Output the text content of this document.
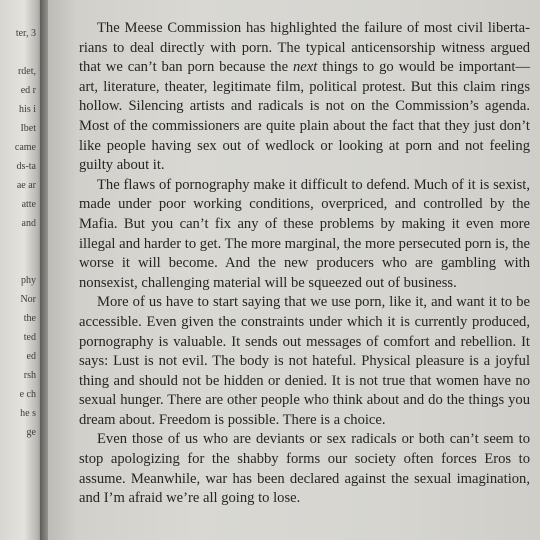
ter, 3

rdet,
ed r
his i
Ibet
came
ds-ta
ae ar
atte
and

phy
Nor
the
ted
ed
rsh
e ch
he s
ge

The Meese Commission has highlighted the failure of most civil libertarians to deal directly with porn. The typical anticensorship witness argued that we can’t ban porn because the next things to go would be important—art, literature, theater, legitimate film, political protest. But this claim rings hollow. Silencing artists and radicals is not on the Commission’s agenda. Most of the commissioners are quite plain about the fact that they just don’t like people having sex out of wedlock or looking at porn and not feeling guilty about it.

The flaws of pornography make it difficult to defend. Much of it is sexist, made under poor working conditions, overpriced, and controlled by the Mafia. But you can’t fix any of these problems by making it even more illegal and harder to get. The more marginal, the more persecuted porn is, the worse it will become. And the new producers who are gambling with nonsexist, challenging material will be squeezed out of business.

More of us have to start saying that we use porn, like it, and want it to be accessible. Even given the constraints under which it is currently produced, pornography is valuable. It sends out messages of comfort and rebellion. It says: Lust is not evil. The body is not hateful. Physical pleasure is a joyful thing and should not be hidden or denied. It is not true that women have no sexual hunger. There are other people who think about and do the things you dream about. Freedom is possible. There is a choice.

Even those of us who are deviants or sex radicals or both can’t seem to stop apologizing for the shabby forms our society often forces Eros to assume. Meanwhile, war has been declared against the sexual imagination, and I’m afraid we’re all going to lose.
